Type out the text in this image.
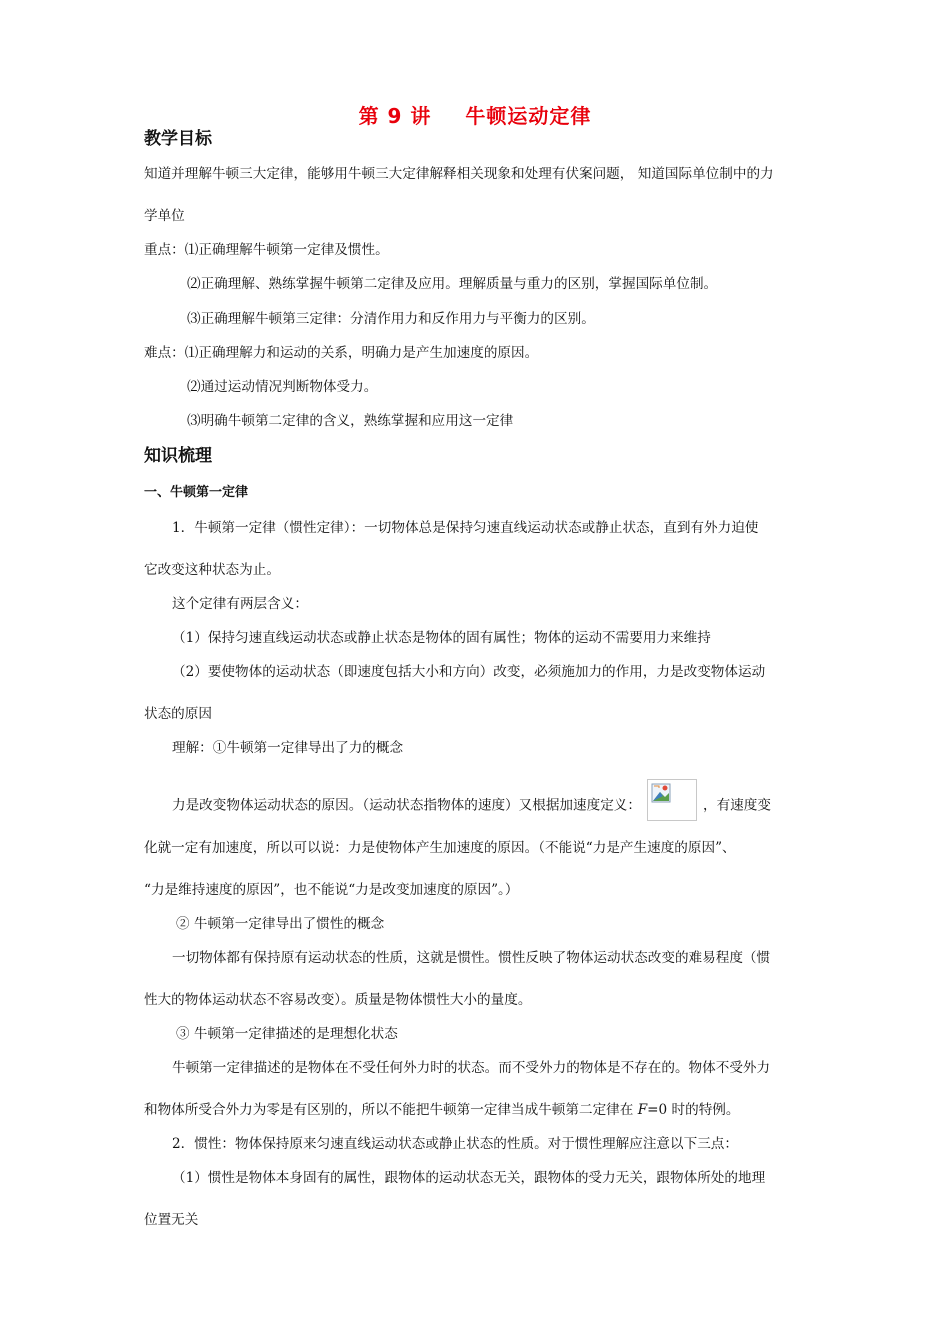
第 9 讲 牛顿运动定律
教学目标
知道并理解牛顿三大定律，能够用牛顿三大定律解释相关现象和处理有伏案问题， 知道国际单位制中的力
学单位
重点：⑴正确理解牛顿第一定律及惯性。
⑵正确理解、熟练掌握牛顿第二定律及应用。理解质量与重力的区别，掌握国际单位制。
⑶正确理解牛顿第三定律：分清作用力和反作用力与平衡力的区别。
难点：⑴正确理解力和运动的关系，明确力是产生加速度的原因。
⑵通过运动情况判断物体受力。
⑶明确牛顿第二定律的含义，熟练掌握和应用这一定律
知识梳理
一、牛顿第一定律
1．牛顿第一定律（惯性定律）：一切物体总是保持匀速直线运动状态或静止状态，直到有外力迫使
它改变这种状态为止。
这个定律有两层含义：
（1）保持匀速直线运动状态或静止状态是物体的固有属性；物体的运动不需要用力来维持
（2）要使物体的运动状态（即速度包括大小和方向）改变，必须施加力的作用，力是改变物体运动
状态的原因
理解：①牛顿第一定律导出了力的概念
力是改变物体运动状态的原因。（运动状态指物体的速度）又根据加速度定义：	，有速度变
化就一定有加速度，所以可以说：力是使物体产生加速度的原因。（不能说“力是产生速度的原因”、
“力是维持速度的原因”，也不能说“力是改变加速度的原因”。）
② 牛顿第一定律导出了惯性的概念
一切物体都有保持原有运动状态的性质，这就是惯性。惯性反映了物体运动状态改变的难易程度（惯
性大的物体运动状态不容易改变）。质量是物体惯性大小的量度。
③ 牛顿第一定律描述的是理想化状态
牛顿第一定律描述的是物体在不受任何外力时的状态。而不受外力的物体是不存在的。物体不受外力
和物体所受合外力为零是有区别的，所以不能把牛顿第一定律当成牛顿第二定律在 F=0 时的特例。
2．惯性：物体保持原来匀速直线运动状态或静止状态的性质。对于惯性理解应注意以下三点：
（1）惯性是物体本身固有的属性，跟物体的运动状态无关，跟物体的受力无关，跟物体所处的地理
位置无关
